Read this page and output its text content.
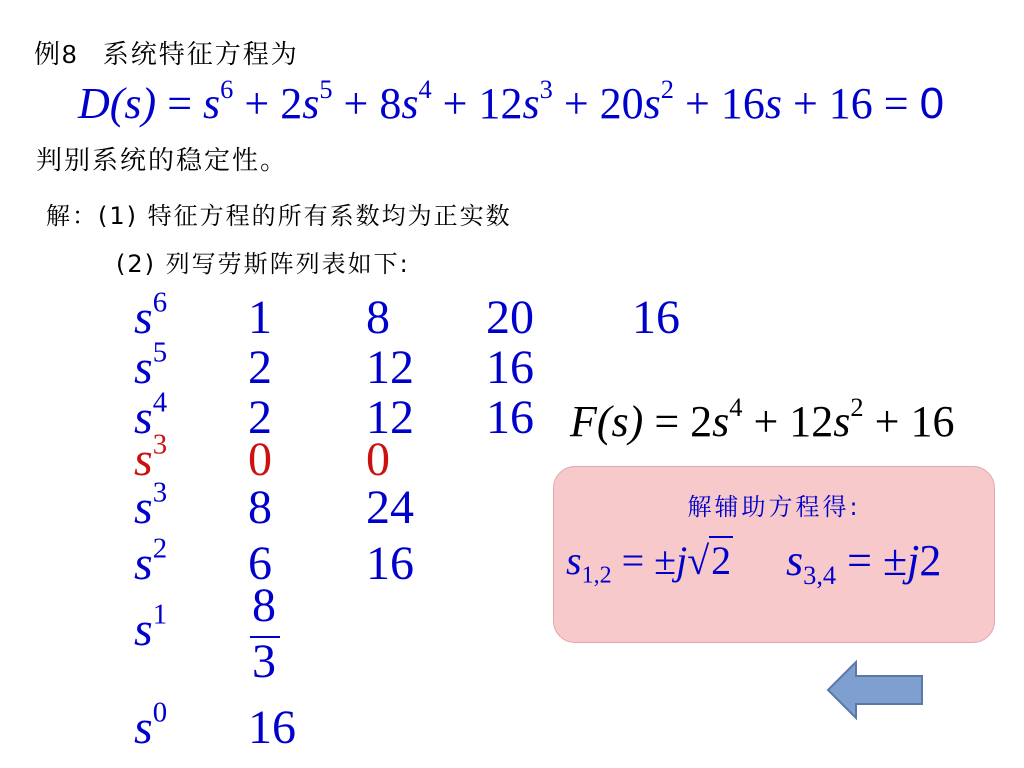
例8 系统特征方程为
$D(s) = s^6 + 2s^5 + 8s^4 + 12s^3 + 20s^2 + 16s + 16 = 0$
判别系统的稳定性。
解：(1) 特征方程的所有系数均为正实数
(2) 列写劳斯阵列表如下:
$s^6$ 1 8 20 16
$s^5$ 2 12 16
$s^4$ 2 12 16
$s^3$ 0 0
$s^3$ 8 24
$s^2$ 6 16
$s^1$ 8
3
$s^0$ 16
$F(s) = 2s^4 + 12s^2 + 16$
解辅助方程得:
$s_{1,2} = \pm j√2$ $s_{3,4} = \pm j2$
